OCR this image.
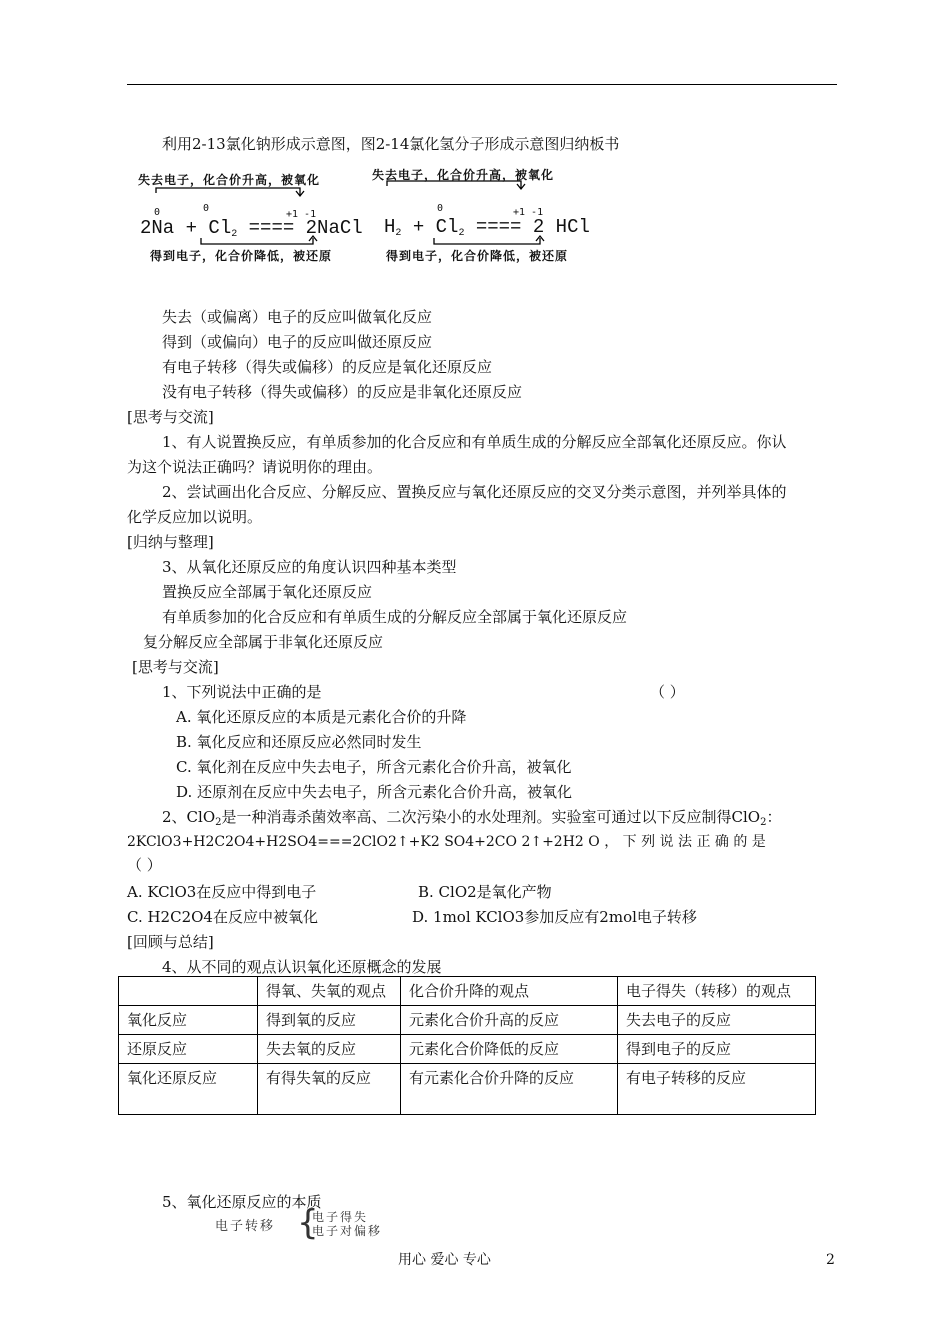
利用2-13氯化钠形成示意图，图2-14氯化氢分子形成示意图归纳板书
失去电子，化合价升高，被氧化
0	0
+1 -1
$2Na + Cl_2$ ==== 2NaCl
得到电子，化合价降低，被还原
失去电子，化合价升高，被氧化
0	+1 -1
$H_2 + Cl_2$ ==== 2 HCl
得到电子，化合价降低，被还原
失去（或偏离）电子的反应叫做氧化反应
得到（或偏向）电子的反应叫做还原反应
有电子转移（得失或偏移）的反应是氧化还原反应
没有电子转移（得失或偏移）的反应是非氧化还原反应
[思考与交流]
1、有人说置换反应，有单质参加的化合反应和有单质生成的分解反应全部氧化还原反应。你认
为这个说法正确吗？请说明你的理由。
2、尝试画出化合反应、分解反应、置换反应与氧化还原反应的交叉分类示意图，并列举具体的
化学反应加以说明。
[归纳与整理]
3、从氧化还原反应的角度认识四种基本类型
置换反应全部属于氧化还原反应
有单质参加的化合反应和有单质生成的分解反应全部属于氧化还原反应
复分解反应全部属于非氧化还原反应
[思考与交流]
1、下列说法中正确的是	（ ）
A. 氧化还原反应的本质是元素化合价的升降
B. 氧化反应和还原反应必然同时发生
C. 氧化剂在反应中失去电子，所含元素化合价升高，被氧化
D. 还原剂在反应中失去电子，所含元素化合价升高，被氧化
2、ClO$_2$是一种消毒杀菌效率高、二次污染小的水处理剂。实验室可通过以下反应制得ClO$_2$：
2KClO3+H2C2O4+H2SO4===2ClO2↑+K2 SO4+2CO 2↑+2H2 O ， 下 列 说 法 正 确 的 是
（ ）
A. KClO3在反应中得到电子	B. ClO2是氧化产物
C. H2C2O4在反应中被氧化	D. 1mol KClO3参加反应有2mol电子转移
[回顾与总结]
4、从不同的观点认识氧化还原概念的发展
	得氧、失氧的观点	化合价升降的观点	电子得失（转移）的观点
氧化反应	得到氧的反应	元素化合价升高的反应	失去电子的反应
还原反应	失去氧的反应	元素化合价降低的反应	得到电子的反应
氧化还原反应	有得失氧的反应	有元素化合价升降的反应	有电子转移的反应
5、氧化还原反应的本质
电子转移 {
电子得失
电子对偏移
用心 爱心 专心	2
